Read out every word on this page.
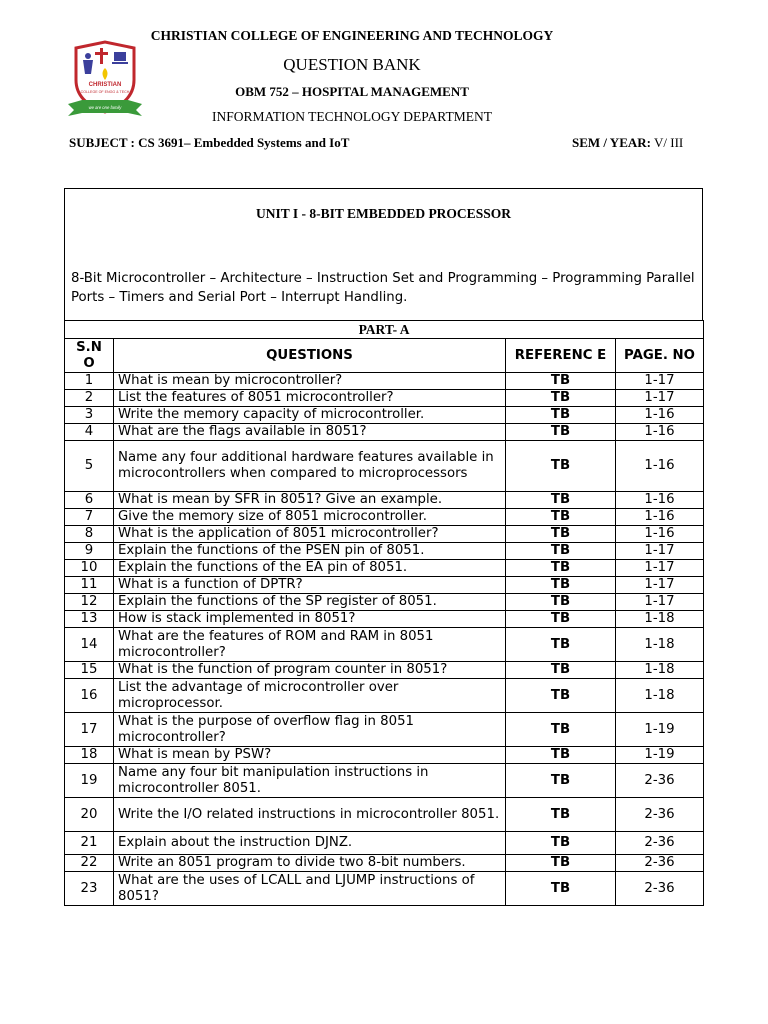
CHRISTIAN
COLLEGE OF ENGG & TECH
we are one family
CHRISTIAN COLLEGE OF ENGINEERING AND TECHNOLOGY
QUESTION BANK
OBM 752 – HOSPITAL MANAGEMENT
INFORMATION TECHNOLOGY DEPARTMENT
SUBJECT : CS 3691– Embedded Systems and IoT	SEM / YEAR: V/ III
UNIT I - 8-BIT EMBEDDED PROCESSOR
8-Bit Microcontroller – Architecture – Instruction Set and Programming – Programming Parallel Ports – Timers and Serial Port – Interrupt Handling.
PART- A			
S.N O	QUESTIONS	REFERENC E	PAGE. NO
1	What is mean by microcontroller?	TB	1-17
2	List the features of 8051 microcontroller?	TB	1-17
3	Write the memory capacity of microcontroller.	TB	1-16
4	What are the flags available in 8051?	TB	1-16
5	Name any four additional hardware features available in microcontrollers when compared to microprocessors	TB	1-16
6	What is mean by SFR in 8051? Give an example.	TB	1-16
7	Give the memory size of 8051 microcontroller.	TB	1-16
8	What is the application of 8051 microcontroller?	TB	1-16
9	Explain the functions of the PSEN pin of 8051.	TB	1-17
10	Explain the functions of the EA pin of 8051.	TB	1-17
11	What is a function of DPTR?	TB	1-17
12	Explain the functions of the SP register of 8051.	TB	1-17
13	How is stack implemented in 8051?	TB	1-18
14	What are the features of ROM and RAM in 8051 microcontroller?	TB	1-18
15	What is the function of program counter in 8051?	TB	1-18
16	List the advantage of microcontroller over microprocessor.	TB	1-18
17	What is the purpose of overflow flag in 8051 microcontroller?	TB	1-19
18	What is mean by PSW?	TB	1-19
19	Name any four bit manipulation instructions in microcontroller 8051.	TB	2-36
20	Write the I/O related instructions in microcontroller 8051.	TB	2-36
21	Explain about the instruction DJNZ.	TB	2-36
22	Write an 8051 program to divide two 8-bit numbers.	TB	2-36
23	What are the uses of LCALL and LJUMP instructions of 8051?	TB	2-36
